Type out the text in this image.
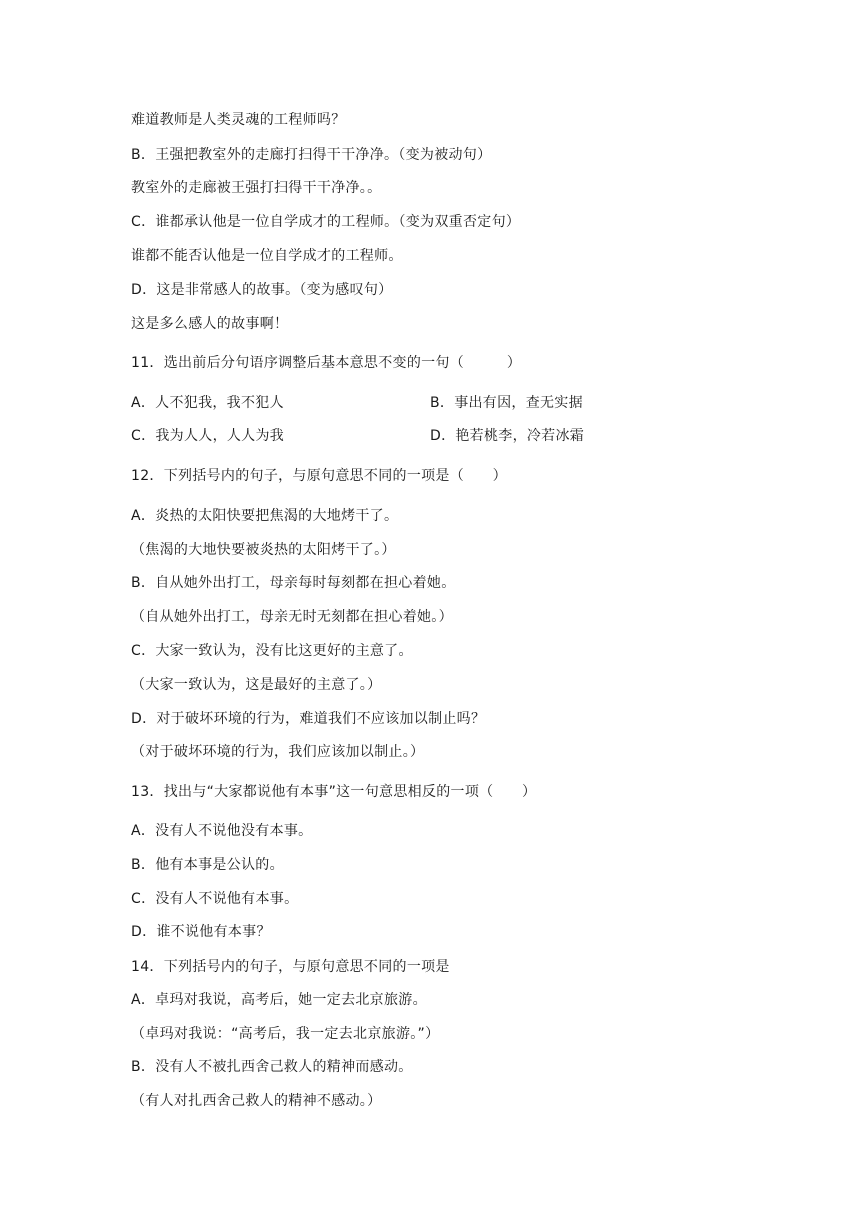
难道教师是人类灵魂的工程师吗？
B．王强把教室外的走廊打扫得干干净净。（变为被动句）
教室外的走廊被王强打扫得干干净净。。
C．谁都承认他是一位自学成才的工程师。（变为双重否定句）
谁都不能否认他是一位自学成才的工程师。
D．这是非常感人的故事。（变为感叹句）
这是多么感人的故事啊！
11．选出前后分句语序调整后基本意思不变的一句（　　　）
A．人不犯我，我不犯人	B．事出有因，查无实据
C．我为人人，人人为我	D．艳若桃李，冷若冰霜
12．下列括号内的句子，与原句意思不同的一项是（　　）
A．炎热的太阳快要把焦渴的大地烤干了。
（焦渴的大地快要被炎热的太阳烤干了。）
B．自从她外出打工，母亲每时每刻都在担心着她。
（自从她外出打工，母亲无时无刻都在担心着她。）
C．大家一致认为，没有比这更好的主意了。
（大家一致认为，这是最好的主意了。）
D．对于破坏环境的行为，难道我们不应该加以制止吗？
（对于破坏环境的行为，我们应该加以制止。）
13．找出与“大家都说他有本事”这一句意思相反的一项（　　）
A．没有人不说他没有本事。
B．他有本事是公认的。
C．没有人不说他有本事。
D．谁不说他有本事？
14．下列括号内的句子，与原句意思不同的一项是
A．卓玛对我说，高考后，她一定去北京旅游。
（卓玛对我说：“高考后，我一定去北京旅游。”）
B．没有人不被扎西舍己救人的精神而感动。
（有人对扎西舍己救人的精神不感动。）
